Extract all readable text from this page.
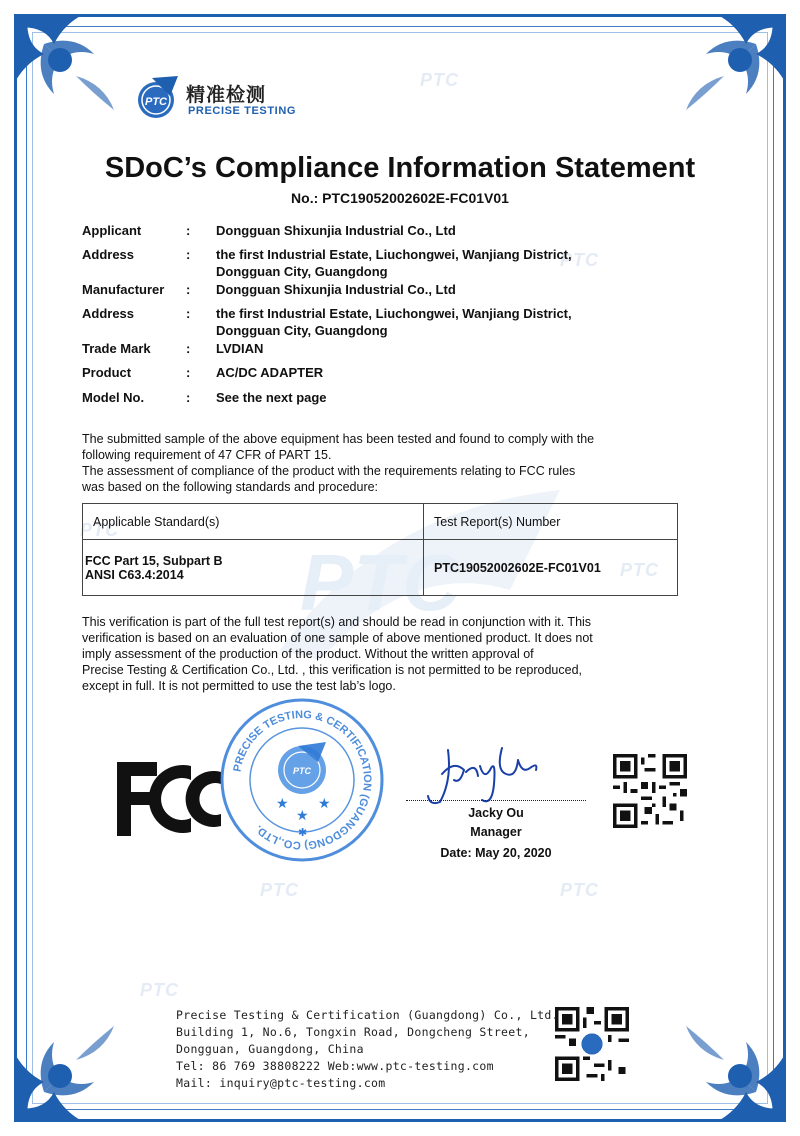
PTC
PTC
PTC
PTC
PTC
PTC
PTC
PTC
PTC 精准检测
PRECISE TESTING
SDoC’s Compliance Information Statement
No.: PTC19052002602E-FC01V01
Applicant	: Dongguan Shixunjia Industrial Co., Ltd
Address	: the first Industrial Estate, Liuchongwei, Wanjiang District,
Dongguan City, Guangdong
Manufacturer	: Dongguan Shixunjia Industrial Co., Ltd
Address	: the first Industrial Estate, Liuchongwei, Wanjiang District,
Dongguan City, Guangdong
Trade Mark	: LVDIAN
Product	: AC/DC ADAPTER
Model No.	: See the next page
The submitted sample of the above equipment has been tested and found to comply with the
following requirement of 47 CFR of PART 15.
The assessment of compliance of the product with the requirements relating to FCC rules
was based on the following standards and procedure:
Applicable Standard(s)	Test Report(s) Number

FCC Part 15, Subpart B
ANSI C63.4:2014	PTC19052002602E-FC01V01
This verification is part of the full test report(s) and should be read in conjunction with it. This
verification is based on an evaluation of one sample of above mentioned product. It does not
imply assessment of the production of the product. Without the written approval of
Precise Testing & Certification Co., Ltd. , this verification is not permitted to be reproduced,
except in full. It is not permitted to use the test lab’s logo.
PRECISE TESTING & CERTIFICATION (GUANGDONG) CO.,LTD.
PTC
★ ★
★
✱
Jacky Ou
Jacky Ou
Manager
Date: May 20, 2020
Precise Testing & Certification (Guangdong) Co., Ltd.
Building 1, No.6, Tongxin Road, Dongcheng Street,
Dongguan, Guangdong, China
Tel: 86 769 38808222 Web:www.ptc-testing.com
Mail: inquiry@ptc-testing.com
